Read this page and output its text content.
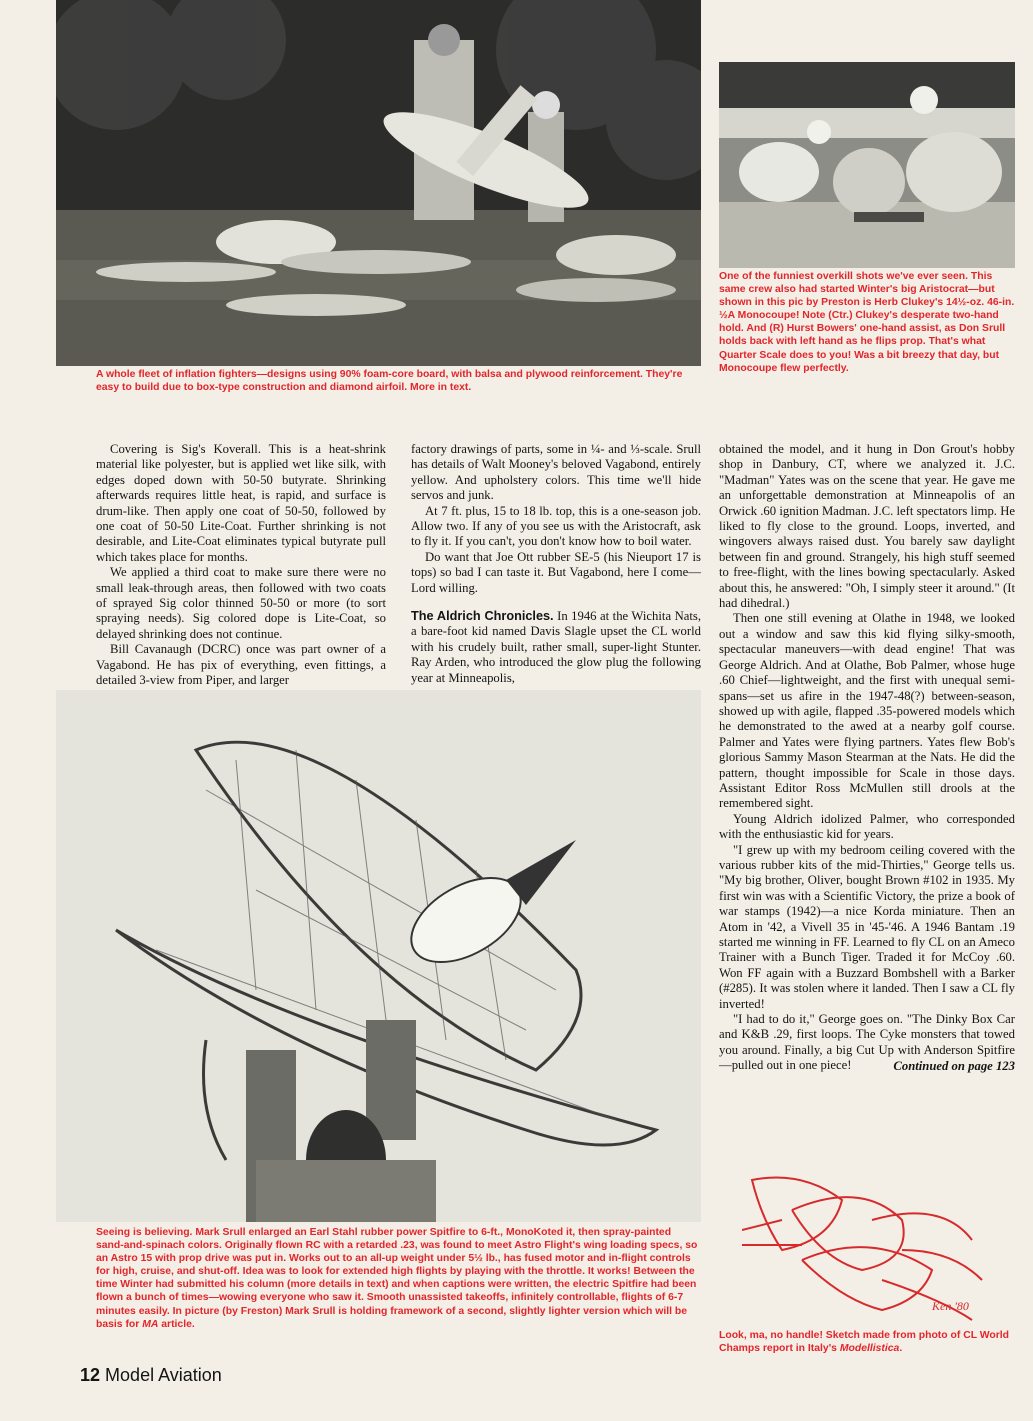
A whole fleet of inflation fighters—designs using 90% foam-core board, with balsa and plywood reinforcement. They're easy to build due to box-type construction and diamond airfoil. More in text.

One of the funniest overkill shots we've ever seen. This same crew also had started Winter's big Aristocrat—but shown in this pic by Preston is Herb Clukey's 14½-oz. 46-in. ½A Monocoupe! Note (Ctr.) Clukey's desperate two-hand hold. And (R) Hurst Bowers' one-hand assist, as Don Srull holds back with left hand as he flips prop. That's what Quarter Scale does to you! Was a bit breezy that day, but Monocoupe flew perfectly.

Covering is Sig's Koverall. This is a heat-shrink material like polyester, but is applied wet like silk, with edges doped down with 50-50 butyrate. Shrinking afterwards requires little heat, is rapid, and surface is drum-like. Then apply one coat of 50-50, followed by one coat of 50-50 Lite-Coat. Further shrinking is not desirable, and Lite-Coat eliminates typical butyrate pull which takes place for months.

We applied a third coat to make sure there were no small leak-through areas, then followed with two coats of sprayed Sig color thinned 50-50 or more (to sort spraying needs). Sig colored dope is Lite-Coat, so delayed shrinking does not continue.

Bill Cavanaugh (DCRC) once was part owner of a Vagabond. He has pix of everything, even fittings, a detailed 3-view from Piper, and larger

factory drawings of parts, some in ¼- and ⅓-scale. Srull has details of Walt Mooney's beloved Vagabond, entirely yellow. And upholstery colors. This time we'll hide servos and junk.

At 7 ft. plus, 15 to 18 lb. top, this is a one-season job. Allow two. If any of you see us with the Aristocraft, ask to fly it. If you can't, you don't know how to boil water.

Do want that Joe Ott rubber SE-5 (his Nieuport 17 is tops) so bad I can taste it. But Vagabond, here I come—Lord willing.

The Aldrich Chronicles. In 1946 at the Wichita Nats, a bare-foot kid named Davis Slagle upset the CL world with his crudely built, rather small, super-light Stunter. Ray Arden, who introduced the glow plug the following year at Minneapolis,

obtained the model, and it hung in Don Grout's hobby shop in Danbury, CT, where we analyzed it. J.C. "Madman" Yates was on the scene that year. He gave me an unforgettable demonstration at Minneapolis of an Orwick .60 ignition Madman. J.C. left spectators limp. He liked to fly close to the ground. Loops, inverted, and wingovers always raised dust. You barely saw daylight between fin and ground. Strangely, his high stuff seemed to free-flight, with the lines bowing spectacularly. Asked about this, he answered: "Oh, I simply steer it around." (It had dihedral.)

Then one still evening at Olathe in 1948, we looked out a window and saw this kid flying silky-smooth, spectacular maneuvers—with dead engine! That was George Aldrich. And at Olathe, Bob Palmer, whose huge .60 Chief—lightweight, and the first with unequal semi-spans—set us afire in the 1947-48(?) between-season, showed up with agile, flapped .35-powered models which he demonstrated to the awed at a nearby golf course. Palmer and Yates were flying partners. Yates flew Bob's glorious Sammy Mason Stearman at the Nats. He did the pattern, thought impossible for Scale in those days. Assistant Editor Ross McMullen still drools at the remembered sight.

Young Aldrich idolized Palmer, who corresponded with the enthusiastic kid for years.

"I grew up with my bedroom ceiling covered with the various rubber kits of the mid-Thirties," George tells us. "My big brother, Oliver, bought Brown #102 in 1935. My first win was with a Scientific Victory, the prize a book of war stamps (1942)—a nice Korda miniature. Then an Atom in '42, a Vivell 35 in '45-'46. A 1946 Bantam .19 started me winning in FF. Learned to fly CL on an Ameco Trainer with a Bunch Tiger. Traded it for McCoy .60. Won FF again with a Buzzard Bombshell with a Barker (#285). It was stolen where it landed. Then I saw a CL fly inverted!

"I had to do it," George goes on. "The Dinky Box Car and K&B .29, first loops. The Cyke monsters that towed you around. Finally, a big Cut Up with Anderson Spitfire—pulled out in one piece!	Continued on page 123

Seeing is believing. Mark Srull enlarged an Earl Stahl rubber power Spitfire to 6-ft., MonoKoted it, then spray-painted sand-and-spinach colors. Originally flown RC with a retarded .23, was found to meet Astro Flight's wing loading specs, so an Astro 15 with prop drive was put in. Works out to an all-up weight under 5½ lb., has fused motor and in-flight controls for high, cruise, and shut-off. Idea was to look for extended high flights by playing with the throttle. It works! Between the time Winter had submitted his column (more details in text) and when captions were written, the electric Spitfire had been flown a bunch of times—wowing everyone who saw it. Smooth unassisted takeoffs, infinitely controllable, flights of 6-7 minutes easily. In picture (by Freston) Mark Srull is holding framework of a second, slightly lighter version which will be basis for MA article.

Ken '80

Look, ma, no handle! Sketch made from photo of CL World Champs report in Italy's Modellistica.

12 Model Aviation
